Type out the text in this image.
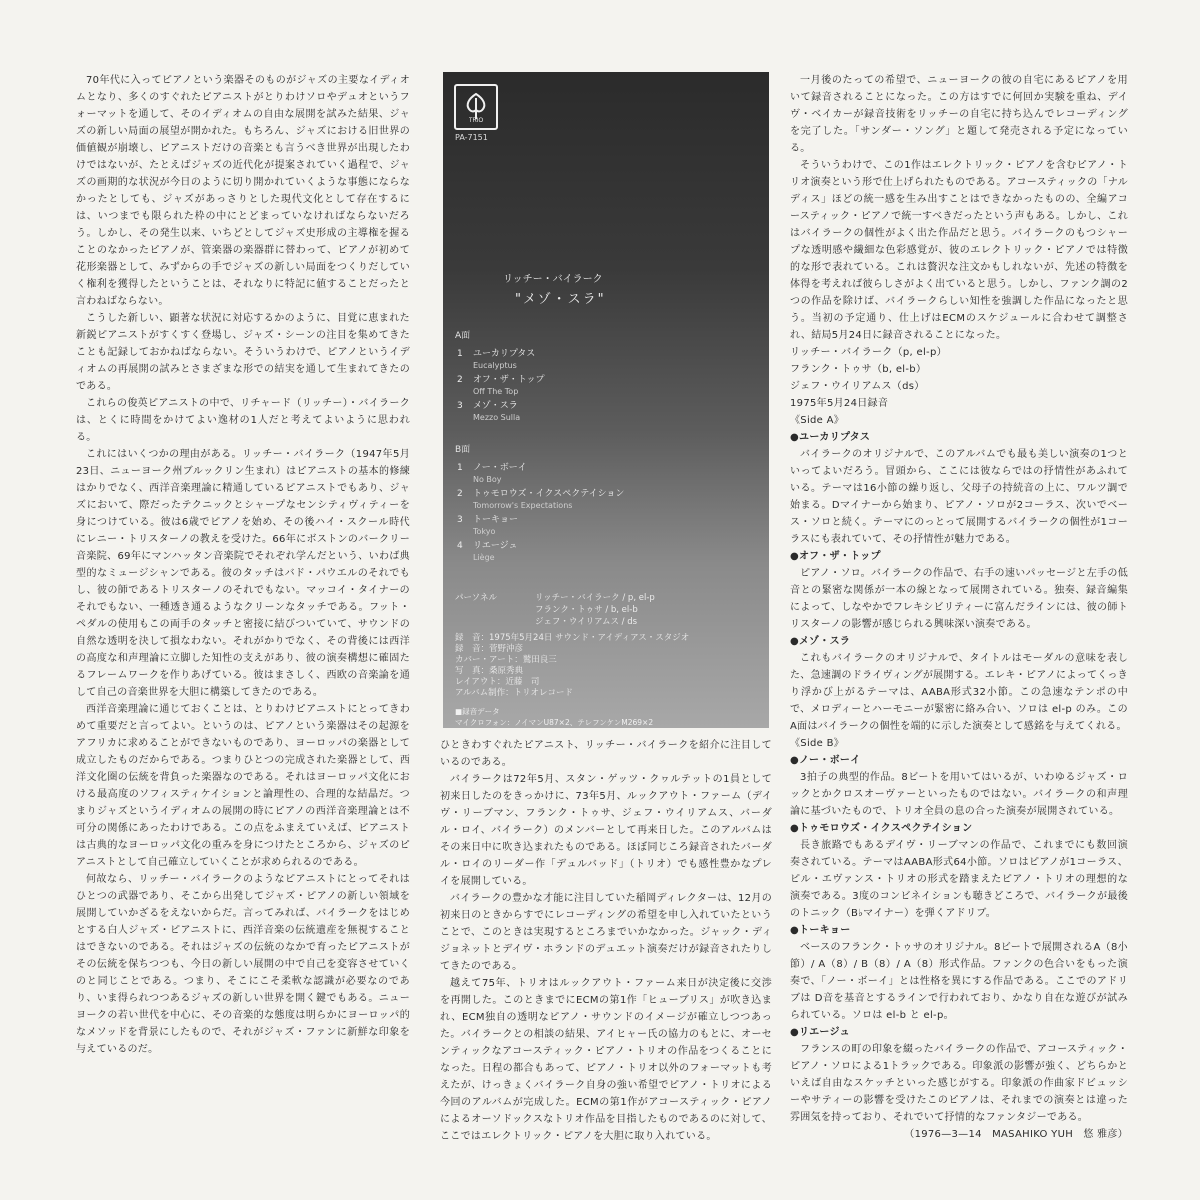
70年代に入ってピアノという楽器そのものがジャズの主要なイディオムとなり、多くのすぐれたピアニストがとりわけソロやデュオというフォーマットを通して、そのイディオムの自由な展開を試みた結果、ジャズの新しい局面の展望が開かれた。もちろん、ジャズにおける旧世界の価値観が崩壊し、ピアニストだけの音楽とも言うべき世界が出現したわけではないが、たとえばジャズの近代化が提案されていく過程で、ジャズの画期的な状況が今日のように切り開かれていくような事態にならなかったとしても、ジャズがあっさりとした現代文化として存在するには、いつまでも限られた枠の中にとどまっていなければならないだろう。しかし、その発生以来、いちどとしてジャズ史形成の主導権を握ることのなかったピアノが、管楽器の楽器群に替わって、ピアノが初めて花形楽器として、みずからの手でジャズの新しい局面をつくりだしていく権利を獲得したということは、それなりに特記に値することだったと言わねばならない。

こうした新しい、顕著な状況に対応するかのように、目覚に恵まれた新鋭ピアニストがすくすく登場し、ジャズ・シーンの注目を集めてきたことも記録しておかねばならない。そういうわけで、ピアノというイディオムの再展開の試みとさまざまな形での結実を通して生まれてきたのである。

これらの俊英ピアニストの中で、リチャード（リッチー）・バイラークは、とくに時間をかけてよい逸材の1人だと考えてよいように思われる。

これにはいくつかの理由がある。リッチー・バイラーク（1947年5月23日、ニューヨーク州ブルックリン生まれ）はピアニストの基本的修練はかりでなく、西洋音楽理論に精通しているピアニストでもあり、ジャズにおいて、際だったテクニックとシャープなセンシティヴィティーを身につけている。彼は6歳でピアノを始め、その後ハイ・スクール時代にレニー・トリスターノの教えを受けた。66年にボストンのバークリー音楽院、69年にマンハッタン音楽院でそれぞれ学んだという、いわば典型的なミュージシャンである。彼のタッチはバド・パウエルのそれでもし、彼の師であるトリスターノのそれでもない。マッコイ・タイナーのそれでもない、一種透き通るようなクリーンなタッチである。フット・ペダルの使用もこの両手のタッチと密接に結びついていて、サウンドの自然な透明を決して損なわない。それがかりでなく、その背後には西洋の高度な和声理論に立脚した知性の支えがあり、彼の演奏構想に確固たるフレームワークを作りあげている。彼はまさしく、西欧の音楽論を通して自己の音楽世界を大胆に構築してきたのである。

西洋音楽理論に通じておくことは、とりわけピアニストにとってきわめて重要だと言ってよい。というのは、ピアノという楽器はその起源をアフリカに求めることができないものであり、ヨーロッパの楽器として成立したものだからである。つまりひとつの完成された楽器として、西洋文化圏の伝統を背負った楽器なのである。それはヨーロッパ文化における最高度のソフィスティケイションと論理性の、合理的な結晶だ。つまりジャズというイディオムの展開の時にピアノの西洋音楽理論とは不可分の関係にあったわけである。この点をふまえていえば、ピアニストは古典的なヨーロッパ文化の重みを身につけたところから、ジャズのピアニストとして自己確立していくことが求められるのである。

何故なら、リッチー・バイラークのようなピアニストにとってそれはひとつの武器であり、そこから出発してジャズ・ピアノの新しい領域を展開していかざるをえないからだ。言ってみれば、バイラークをはじめとする白人ジャズ・ピアニストに、西洋音楽の伝統遺産を無視することはできないのである。それはジャズの伝統のなかで育ったピアニストがその伝統を保ちつつも、今日の新しい展開の中で自己を変容させていくのと同じことである。つまり、そこにこそ柔軟な認識が必要なのであり、いま得られつつあるジャズの新しい世界を開く鍵でもある。ニューヨークの若い世代を中心に、その音楽的な態度は明らかにヨーロッパ的なメソッドを背景にしたもので、それがジャズ・ファンに新鮮な印象を与えているのだ。

TRIO
PA-7151
リッチー・バイラーク
"メゾ・スラ"
A面
1 ユーカリプタス
Eucalyptus
2 オフ・ザ・トップ
Off The Top
3 メゾ・スラ
Mezzo Sulla
B面
1 ノー・ボーイ
No Boy
2 トゥモロウズ・イクスペクテイション
Tomorrow's Expectations
3 トーキョー
Tokyo
4 リエージュ
Liège
パーソネル	リッチー・バイラーク / p, el-p
フランク・トゥサ / b, el-b
ジェフ・ウイリアムス / ds
録　音：1975年5月24日 サウンド・アイディアス・スタジオ
録　音：菅野沖彦
カバー・アート：鷲田良三
写　真：桑原秀典
レイアウト：近藤　司
アルバム制作：トリオレコード
■録音データ
マイクロフォン：ノイマンU87×2、テレフンケンM269×2

ひときわすぐれたピアニスト、リッチー・バイラークを紹介に注目しているのである。

バイラークは72年5月、スタン・ゲッツ・クヮルテットの1員として初来日したのをきっかけに、73年5月、ルックアウト・ファーム（デイヴ・リーブマン、フランク・トゥサ、ジェフ・ウイリアムス、バーダル・ロイ、バイラーク）のメンバーとして再来日した。このアルバムはその来日中に吹き込まれたものである。ほぼ同じころ録音されたバーダル・ロイのリーダー作「デュルバッド」（トリオ）でも感性豊かなプレイを展開している。

バイラークの豊かな才能に注目していた稲岡ディレクターは、12月の初来日のときからすでにレコーディングの希望を申し入れていたということで、このときは実現するところまでいかなかった。ジャック・ディジョネットとデイヴ・ホランドのデュエット演奏だけが録音されたりしてきたのである。

越えて75年、トリオはルックアウト・ファーム来日が決定後に交渉を再開した。このときまでにECMの第1作「ヒューブリス」が吹き込まれ、ECM独自の透明なピアノ・サウンドのイメージが確立しつつあった。バイラークとの相談の結果、アイヒャー氏の協力のもとに、オーセンティックなアコースティック・ピアノ・トリオの作品をつくることになった。日程の都合もあって、ピアノ・トリオ以外のフォーマットも考えたが、けっきょくバイラーク自身の強い希望でピアノ・トリオによる今回のアルバムが完成した。ECMの第1作がアコースティック・ピアノによるオーソドックスなトリオ作品を目指したものであるのに対して、ここではエレクトリック・ピアノを大胆に取り入れている。

一月後のたっての希望で、ニューヨークの彼の自宅にあるピアノを用いて録音されることになった。この方はすでに何回か実験を重ね、デイヴ・ベイカーが録音技術をリッチーの自宅に持ち込んでレコーディングを完了した。「サンダー・ソング」と題して発売される予定になっている。

そういうわけで、この1作はエレクトリック・ピアノを含むピアノ・トリオ演奏という形で仕上げられたものである。アコースティックの「ナルディス」ほどの統一感を生み出すことはできなかったものの、全編アコースティック・ピアノで統一すべきだったという声もある。しかし、これはバイラークの個性がよく出た作品だと思う。バイラークのもつシャープな透明感や繊細な色彩感覚が、彼のエレクトリック・ピアノでは特徴的な形で表れている。これは贅沢な注文かもしれないが、先述の特徴を体得を考えれば彼らしさがよく出ていると思う。しかし、ファンク調の2つの作品を除けば、バイラークらしい知性を強調した作品になったと思う。当初の予定通り、仕上げはECMのスケジュールに合わせて調整され、結局5月24日に録音されることになった。

リッチー・バイラーク（p, el-p）

フランク・トゥサ（b, el-b）

ジェフ・ウイリアムス（ds）

1975年5月24日録音

《Side A》

●ユーカリプタス

バイラークのオリジナルで、このアルバムでも最も美しい演奏の1つといってよいだろう。冒頭から、ここには彼ならではの抒情性があふれている。テーマは16小節の繰り返し、父母子の持続音の上に、ワルツ調で始まる。Dマイナーから始まり、ピアノ・ソロが2コーラス、次いでベース・ソロと続く。テーマにのっとって展開するバイラークの個性が1コーラスにも表れていて、その抒情性が魅力である。

●オフ・ザ・トップ

ピアノ・ソロ。バイラークの作品で、右手の速いパッセージと左手の低音との緊密な関係が一本の線となって展開されている。独奏、録音編集によって、しなやかでフレキシビリティーに富んだラインには、彼の師トリスターノの影響が感じられる興味深い演奏である。

●メゾ・スラ

これもバイラークのオリジナルで、タイトルはモーダルの意味を表した、急速調のドライヴィングが展開する。エレキ・ピアノによってくっきり浮かび上がるテーマは、AABA形式32小節。この急速なテンポの中で、メロディーとハーモニーが緊密に絡み合い、ソロは el-p のみ。この A面はバイラークの個性を端的に示した演奏として感銘を与えてくれる。

《Side B》

●ノー・ボーイ

3拍子の典型的作品。8ビートを用いてはいるが、いわゆるジャズ・ロックとかクロスオーヴァーといったものではない。バイラークの和声理論に基づいたもので、トリオ全員の息の合った演奏が展開されている。

●トゥモロウズ・イクスペクテイション

長き旅路でもあるデイヴ・リーブマンの作品で、これまでにも数回演奏されている。テーマはAABA形式64小節。ソロはピアノが1コーラス、ピル・エヴァンス・トリオの形式を踏まえたピアノ・トリオの理想的な演奏である。3度のコンビネイションも聴きどころで、バイラークが最後のトニック（B♭マイナー）を弾くアドリブ。

●トーキョー

ベースのフランク・トゥサのオリジナル。8ビートで展開されるA（8小節）/ A（8）/ B（8）/ A（8）形式作品。ファンクの色合いをもった演奏で、「ノー・ボーイ」とは性格を異にする作品である。ここでのアドリブは D音を基音とするラインで行われており、かなり自在な遊びが試みられている。ソロは el-b と el-p。

●リエージュ

フランスの町の印象を綴ったバイラークの作品で、アコースティック・ピアノ・ソロによる1トラックである。印象派の影響が強く、どちらかといえば自由なスケッチといった感じがする。印象派の作曲家ドビュッシーやサティーの影響を受けたこのピアノは、それまでの演奏とは違った雰囲気を持っており、それでいて抒情的なファンタジーである。

（1976—3—14　MASAHIKO YUH　悠 雅彦）
